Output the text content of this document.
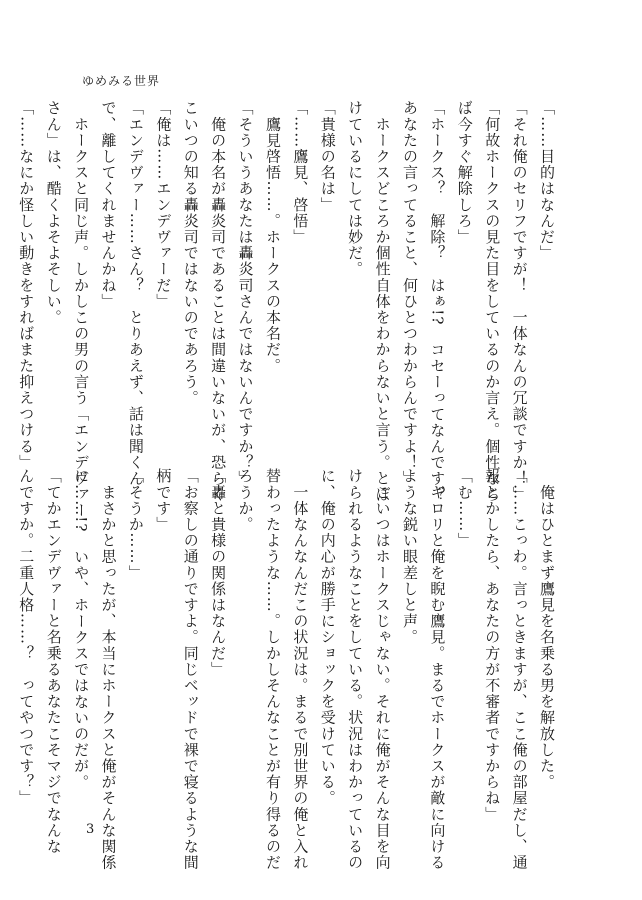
ゆめみる世界
「……目的はなんだ」
「それ俺のセリフですが！　一体なんの冗談ですか！」
「何故ホークスの見た目をしているのか言え。個性なら
ば今すぐ解除しろ」
「ホークス？　解除？　はぁ!?　コセーってなんです？
あなたの言ってること、何ひとつわからんですよ！」
　ホークスどころか個性自体をわからないと言う。とぼ
けているにしては妙だ。
「貴様の名は」
「……鷹見、啓悟」
　鷹見啓悟……。ホークスの本名だ。
「そういうあなたは轟炎司さんではないんですか？」
　俺の本名が轟炎司であることは間違いないが、恐らく
こいつの知る轟炎司ではないのであろう。
「俺は……エンデヴァーだ」
「エンデヴァー……さん？　とりあえず、話は聞くん
で、離してくれませんかね」
　ホークスと同じ声。しかしこの男の言う「エンデヴァー
さん」は、酷くよそよそしい。
「……なにか怪しい動きをすればまた抑えつける」
　俺はひとまず鷹見を名乗る男を解放した。
「……こっわ。言っときますが、ここ俺の部屋だし、通
報とかしたら、あなたの方が不審者ですからね」
「む……」
　ギロリと俺を睨む鷹見。まるでホークスが敵に向ける
ような鋭い眼差しと声。
　こいつはホークスじゃない。それに俺がそんな目を向
けられるようなことをしている。状況はわかっているの
に、俺の内心が勝手にショックを受けている。
　一体なんなんだこの状況は。まるで別世界の俺と入れ
替わったような……。しかしそんなことが有り得るのだ
ろうか。
「轟と貴様の関係はなんだ」
「お察しの通りですよ。同じベッドで裸で寝るような間
柄です」
「そうか……」
　まさかと思ったが、本当にホークスと俺がそんな関係
に……!?　いや、ホークスではないのだが。
「てかエンデヴァーと名乗るあなたこそマジでなんな
んですか。二重人格……？　ってやつです？」
3
